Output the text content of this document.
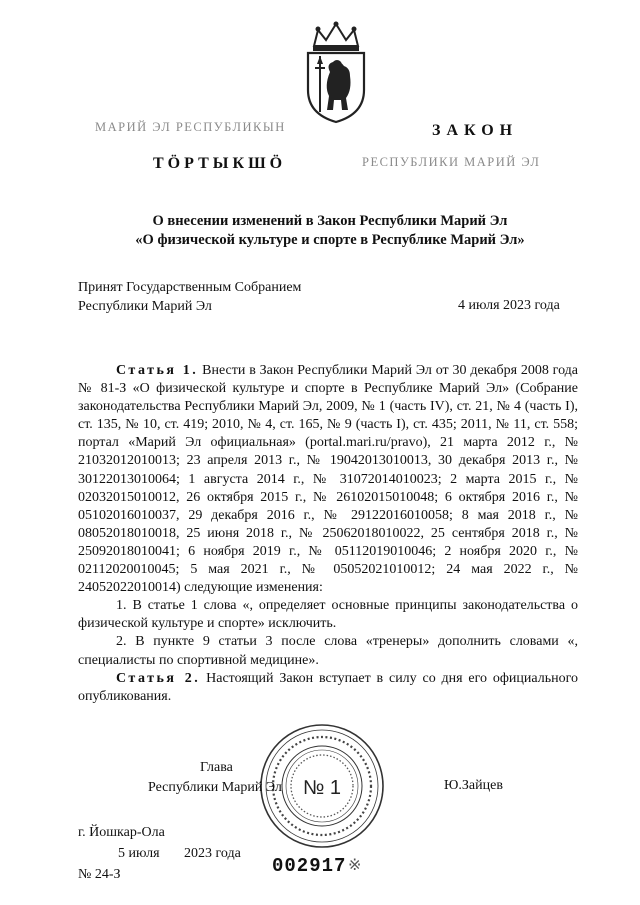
МАРИЙ ЭЛ РЕСПУБЛИКЫН	ЗАКОН
ТӦРТЫКШӦ	РЕСПУБЛИКИ МАРИЙ ЭЛ
О внесении изменений в Закон Республики Марий Эл
«О физической культуре и спорте в Республике Марий Эл»
Принят Государственным Собранием
Республики Марий Эл	4 июля 2023 года

Статья 1. Внести в Закон Республики Марий Эл от 30 декабря 2008 года № 81-З «О физической культуре и спорте в Республике Марий Эл» (Собрание законодательства Республики Марий Эл, 2009, № 1 (часть IV), ст. 21, № 4 (часть I), ст. 135, № 10, ст. 419; 2010, № 4, ст. 165, № 9 (часть I), ст. 435; 2011, № 11, ст. 558; портал «Марий Эл официальная» (portal.mari.ru/pravo), 21 марта 2012 г., № 21032012010013; 23 апреля 2013 г., № 19042013010013, 30 декабря 2013 г., № 30122013010064; 1 августа 2014 г., № 31072014010023; 2 марта 2015 г., № 02032015010012, 26 октября 2015 г., № 26102015010048; 6 октября 2016 г., № 05102016010037, 29 декабря 2016 г., № 29122016010058; 8 мая 2018 г., № 08052018010018, 25 июня 2018 г., № 25062018010022, 25 сентября 2018 г., № 25092018010041; 6 ноября 2019 г., № 05112019010046; 2 ноября 2020 г., № 02112020010045; 5 мая 2021 г., № 05052021010012; 24 мая 2022 г., № 24052022010014) следующие изменения:

1. В статье 1 слова «, определяет основные принципы законодательства о физической культуре и спорте» исключить.

2. В пункте 9 статьи 3 после слова «тренеры» дополнить словами «, специалисты по спортивной медицине».

Статья 2. Настоящий Закон вступает в силу со дня его официального опубликования.

№ 1
Глава
Республики Марий Эл	Ю.Зайцев
г. Йошкар-Ола
5 июля 2023 года
№ 24-З	002917 ※
